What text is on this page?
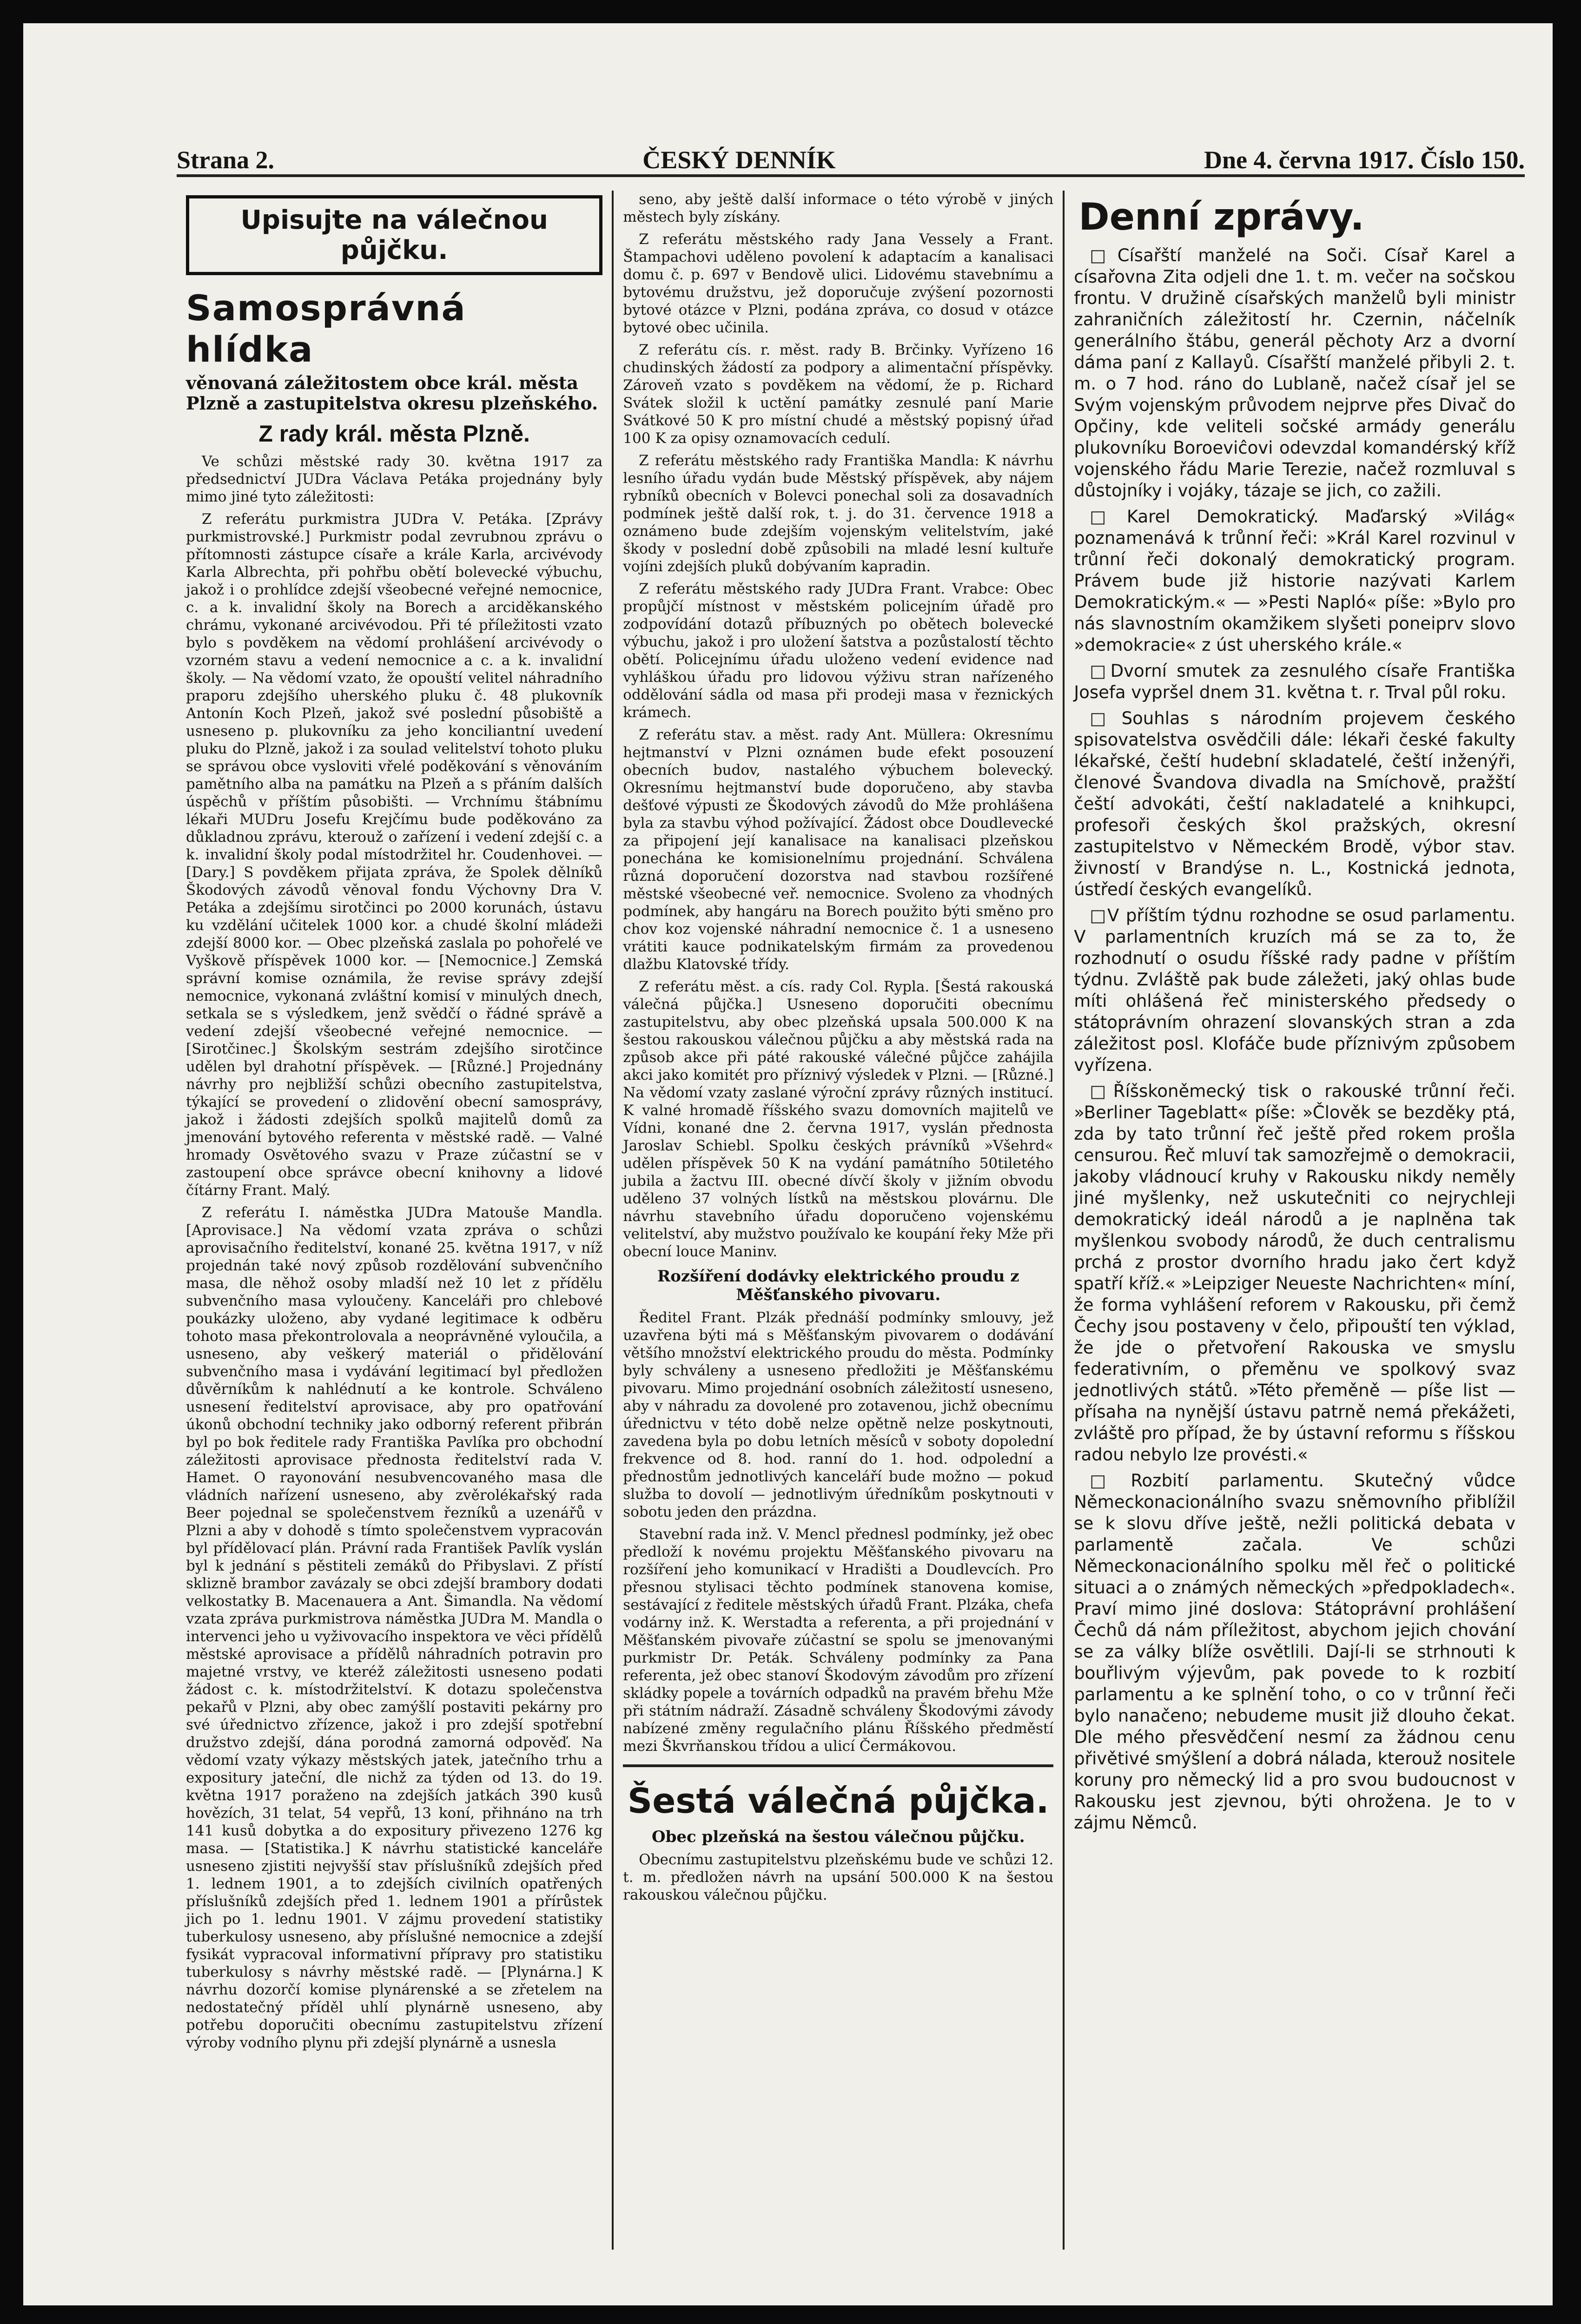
Strana 2.	ČESKÝ DENNÍK	Dne 4. června 1917. Číslo 150.
Upisujte na válečnou půjčku.
Samosprávná hlídka
věnovaná záležitostem obce král. města Plzně a zastupitelstva okresu plzeňského.
Z rady král. města Plzně.

Ve schůzi městské rady 30. května 1917 za předsednictví JUDra Václava Petáka projednány byly mimo jiné tyto záležitosti:

Z referátu purkmistra JUDra V. Petáka. [Zprávy purkmistrovské.] Purkmistr podal zevrubnou zprávu o přítomnosti zástupce císaře a krále Karla, arcivévody Karla Albrechta, při pohřbu obětí bolevecké výbuchu, jakož i o prohlídce zdejší všeobecné veřejné nemocnice, c. a k. invalidní školy na Borech a arciděkanského chrámu, vykonané arcivévodou. Při té příležitosti vzato bylo s povděkem na vědomí prohlášení arcivévody o vzorném stavu a vedení nemocnice a c. a k. invalidní školy. — Na vědomí vzato, že opouští velitel náhradního praporu zdejšího uherského pluku č. 48 plukovník Antonín Koch Plzeň, jakož své poslední působiště a usneseno p. plukovníku za jeho konciliantní uvedení pluku do Plzně, jakož i za soulad velitelství tohoto pluku se správou obce vysloviti vřelé poděkování s věnováním pamětního alba na památku na Plzeň a s přáním dalších úspěchů v příštím působišti. — Vrchnímu štábnímu lékaři MUDru Josefu Krejčímu bude poděkováno za důkladnou zprávu, kterouž o zařízení i vedení zdejší c. a k. invalidní školy podal místodržitel hr. Coudenhovei. — [Dary.] S povděkem přijata zpráva, že Spolek dělníků Škodových závodů věnoval fondu Výchovny Dra V. Petáka a zdejšímu sirotčinci po 2000 korunách, ústavu ku vzdělání učitelek 1000 kor. a chudé školní mládeži zdejší 8000 kor. — Obec plzeňská zaslala po pohořelé ve Vyškově příspěvek 1000 kor. — [Nemocnice.] Zemská správní komise oznámila, že revise správy zdejší nemocnice, vykonaná zvláštní komisí v minulých dnech, setkala se s výsledkem, jenž svědčí o řádné správě a vedení zdejší všeobecné veřejné nemocnice. — [Sirotčinec.] Školským sestrám zdejšího sirotčince udělen byl drahotní příspěvek. — [Různé.] Projednány návrhy pro nejbližší schůzi obecního zastupitelstva, týkající se provedení o zlidovění obecní samosprávy, jakož i žádosti zdejších spolků majitelů domů za jmenování bytového referenta v městské radě. — Valné hromady Osvětového svazu v Praze zúčastní se v zastoupení obce správce obecní knihovny a lidové čítárny Frant. Malý.

Z referátu I. náměstka JUDra Matouše Mandla. [Aprovisace.] Na vědomí vzata zpráva o schůzi aprovisačního ředitelství, konané 25. května 1917, v níž projednán také nový způsob rozdělování subvenčního masa, dle něhož osoby mladší než 10 let z přídělu subvenčního masa vyloučeny. Kanceláři pro chlebové poukázky uloženo, aby vydané legitimace k odběru tohoto masa překontrolovala a neoprávněné vyloučila, a usneseno, aby veškerý materiál o přidělování subvenčního masa i vydávání legitimací byl předložen důvěrníkům k nahlédnutí a ke kontrole. Schváleno usnesení ředitelství aprovisace, aby pro opatřování úkonů obchodní techniky jako odborný referent přibrán byl po bok ředitele rady Františka Pavlíka pro obchodní záležitosti aprovisace přednosta ředitelství rada V. Hamet. O rayonování nesubvencovaného masa dle vládních nařízení usneseno, aby zvěrolékařský rada Beer pojednal se společenstvem řezníků a uzenářů v Plzni a aby v dohodě s tímto společenstvem vypracován byl přídělovací plán. Právní rada František Pavlík vyslán byl k jednání s pěstiteli zemáků do Přibyslavi. Z přístí sklizně brambor zavázaly se obci zdejší brambory dodati velkostatky B. Macenauera a Ant. Šimandla. Na vědomí vzata zpráva purkmistrova náměstka JUDra M. Mandla o intervenci jeho u vyživovacího inspektora ve věci přídělů městské aprovisace a přídělů náhradních potravin pro majetné vrstvy, ve kteréž záležitosti usneseno podati žádost c. k. místodržitelství. K dotazu společenstva pekařů v Plzni, aby obec zamýšlí postaviti pekárny pro své úřednictvo zřízence, jakož i pro zdejší spotřební družstvo zdejší, dána porodná zamorná odpověď. Na vědomí vzaty výkazy městských jatek, jatečního trhu a expositury jateční, dle nichž za týden od 13. do 19. května 1917 poraženo na zdejších jatkách 390 kusů hovězích, 31 telat, 54 vepřů, 13 koní, přihnáno na trh 141 kusů dobytka a do expositury přivezeno 1276 kg masa. — [Statistika.] K návrhu statistické kanceláře usneseno zjistiti nejvyšší stav příslušníků zdejších před 1. lednem 1901, a to zdejších civilních opatřených příslušníků zdejších před 1. lednem 1901 a přírůstek jich po 1. lednu 1901. V zájmu provedení statistiky tuberkulosy usneseno, aby příslušné nemocnice a zdejší fysikát vypracoval informativní přípravy pro statistiku tuberkulosy s návrhy městské radě. — [Plynárna.] K návrhu dozorčí komise plynárenské a se zřetelem na nedostatečný příděl uhlí plynárně usneseno, aby potřebu doporučiti obecnímu zastupitelstvu zřízení výroby vodního plynu při zdejší plynárně a usnesla

seno, aby ještě další informace o této výrobě v jiných městech byly získány.

Z referátu městského rady Jana Vessely a Frant. Štampachovi uděleno povolení k adaptacím a kanalisaci domu č. p. 697 v Bendově ulici. Lidovému stavebnímu a bytovému družstvu, jež doporučuje zvýšení pozornosti bytové otázce v Plzni, podána zpráva, co dosud v otázce bytové obec učinila.

Z referátu cís. r. měst. rady B. Brčinky. Vyřízeno 16 chudinských žádostí za podpory a alimentační příspěvky. Zároveň vzato s povděkem na vědomí, že p. Richard Svátek složil k uctění památky zesnulé paní Marie Svátkové 50 K pro místní chudé a městský popisný úřad 100 K za opisy oznamovacích cedulí.

Z referátu městského rady Františka Mandla: K návrhu lesního úřadu vydán bude Městský příspěvek, aby nájem rybníků obecních v Bolevci ponechal soli za dosavadních podmínek ještě další rok, t. j. do 31. července 1918 a oznámeno bude zdejším vojenským velitelstvím, jaké škody v poslední době způsobili na mladé lesní kultuře vojíni zdejších pluků dobývaním kapradin.

Z referátu městského rady JUDra Frant. Vrabce: Obec propůjčí místnost v městském policejním úřadě pro zodpovídání dotazů příbuzných po obětech bolevecké výbuchu, jakož i pro uložení šatstva a pozůstalostí těchto obětí. Policejnímu úřadu uloženo vedení evidence nad vyhláškou úřadu pro lidovou výživu stran nařízeného oddělování sádla od masa při prodeji masa v řeznických krámech.

Z referátu stav. a měst. rady Ant. Müllera: Okresnímu hejtmanství v Plzni oznámen bude efekt posouzení obecních budov, nastalého výbuchem bolevecký. Okresnímu hejtmanství bude doporučeno, aby stavba dešťové výpusti ze Škodových závodů do Mže prohlášena byla za stavbu výhod požívající. Žádost obce Doudlevecké za připojení její kanalisace na kanalisaci plzeňskou ponechána ke komisionelnímu projednání. Schválena různá doporučení dozorstva nad stavbou rozšířené městské všeobecné veř. nemocnice. Svoleno za vhodných podmínek, aby hangáru na Borech použito býti směno pro chov koz vojenské náhradní nemocnice č. 1 a usneseno vrátiti kauce podnikatelským firmám za provedenou dlažbu Klatovské třídy.

Z referátu měst. a cís. rady Col. Rypla. [Šestá rakouská válečná půjčka.] Usneseno doporučiti obecnímu zastupitelstvu, aby obec plzeňská upsala 500.000 K na šestou rakouskou válečnou půjčku a aby městská rada na způsob akce při páté rakouské válečné půjčce zahájila akci jako komitét pro příznivý výsledek v Plzni. — [Různé.] Na vědomí vzaty zaslané výroční zprávy různých institucí. K valné hromadě říšského svazu domovních majitelů ve Vídni, konané dne 2. června 1917, vyslán přednosta Jaroslav Schiebl. Spolku českých právníků »Všehrd« udělen příspěvek 50 K na vydání památního 50tiletého jubila a žactvu III. obecné dívčí školy v jižním obvodu uděleno 37 volných lístků na městskou plovárnu. Dle návrhu stavebního úřadu doporučeno vojenskému velitelství, aby mužstvo používalo ke koupání řeky Mže při obecní louce Maninv.

Rozšíření dodávky elektrického proudu z Měšťanského pivovaru.

Ředitel Frant. Plzák přednáší podmínky smlouvy, jež uzavřena býti má s Měšťanským pivovarem o dodávání většího množství elektrického proudu do města. Podmínky byly schváleny a usneseno předložiti je Měšťanskému pivovaru. Mimo projednání osobních záležitostí usneseno, aby v náhradu za dovolené pro zotavenou, jichž obecnímu úřednictvu v této době nelze opětně nelze poskytnouti, zavedena byla po dobu letních měsíců v soboty dopolední frekvence od 8. hod. ranní do 1. hod. odpolední a přednostům jednotlivých kanceláří bude možno — pokud služba to dovolí — jednotlivým úředníkům poskytnouti v sobotu jeden den prázdna.

Stavební rada inž. V. Mencl přednesl podmínky, jež obec předloží k novému projektu Měšťanského pivovaru na rozšíření jeho komunikací v Hradišti a Doudlevcích. Pro přesnou stylisaci těchto podmínek stanovena komise, sestávající z ředitele městských úřadů Frant. Plzáka, chefa vodárny inž. K. Werstadta a referenta, a při projednání v Měšťanském pivovaře zúčastní se spolu se jmenovanými purkmistr Dr. Peták. Schváleny podmínky za Pana referenta, jež obec stanoví Škodovým závodům pro zřízení skládky popele a továrních odpadků na pravém břehu Mže při státním nádraží. Zásadně schváleny Škodovými závody nabízené změny regulačního plánu Říšského předměstí mezi Škvrňanskou třídou a ulicí Čermákovou.

Šestá válečná půjčka.
Obec plzeňská na šestou válečnou půjčku.

Obecnímu zastupitelstvu plzeňskému bude ve schůzi 12. t. m. předložen návrh na upsání 500.000 K na šestou rakouskou válečnou půjčku.

Denní zprávy.

□ Císařští manželé na Soči. Císař Karel a císařovna Zita odjeli dne 1. t. m. večer na sočskou frontu. V družině císařských manželů byli ministr zahraničních záležitostí hr. Czernin, náčelník generálního štábu, generál pěchoty Arz a dvorní dáma paní z Kallayů. Císařští manželé přibyli 2. t. m. o 7 hod. ráno do Lublaně, načež císař jel se Svým vojenským průvodem nejprve přes Divač do Opčiny, kde veliteli sočské armády generálu plukovníku Boroeviĉovi odevzdal komandérský kříž vojenského řádu Marie Terezie, načež rozmluval s důstojníky i vojáky, tázaje se jich, co zažili.

□ Karel Demokratický. Maďarský »Világ« poznamenává k trůnní řeči: »Král Karel rozvinul v trůnní řeči dokonalý demokratický program. Právem bude již historie nazývati Karlem Demokratickým.« — »Pesti Napló« píše: »Bylo pro nás slavnostním okamžikem slyšeti poneiprv slovo »demokracie« z úst uherského krále.«

□ Dvorní smutek za zesnulého císaře Františka Josefa vypršel dnem 31. května t. r. Trval půl roku.

□ Souhlas s národním projevem českého spisovatelstva osvědčili dále: lékaři české fakulty lékařské, čeští hudební skladatelé, čeští inženýři, členové Švandova divadla na Smíchově, pražští čeští advokáti, čeští nakladatelé a knihkupci, profesoři českých škol pražských, okresní zastupitelstvo v Německém Brodě, výbor stav. živností v Brandýse n. L., Kostnická jednota, ústředí českých evangelíků.

□ V příštím týdnu rozhodne se osud parlamentu. V parlamentních kruzích má se za to, že rozhodnutí o osudu říšské rady padne v příštím týdnu. Zvláště pak bude záležeti, jaký ohlas bude míti ohlášená řeč ministerského předsedy o státoprávním ohrazení slovanských stran a zda záležitost posl. Klofáče bude příznivým způsobem vyřízena.

□ Říšskoněmecký tisk o rakouské trůnní řeči. »Berliner Tageblatt« píše: »Člověk se bezděky ptá, zda by tato trůnní řeč ještě před rokem prošla censurou. Řeč mluví tak samozřejmě o demokracii, jakoby vládnoucí kruhy v Rakousku nikdy neměly jiné myšlenky, než uskutečniti co nejrychleji demokratický ideál národů a je naplněna tak myšlenkou svobody národů, že duch centralismu prchá z prostor dvorního hradu jako čert když spatří kříž.« »Leipziger Neueste Nachrichten« míní, že forma vyhlášení reforem v Rakousku, při čemž Čechy jsou postaveny v čelo, připouští ten výklad, že jde o přetvoření Rakouska ve smyslu federativním, o přeměnu ve spolkový svaz jednotlivých států. »Této přeměně — píše list — přísaha na nynější ústavu patrně nemá překážeti, zvláště pro případ, že by ústavní reformu s říšskou radou nebylo lze provésti.«

□ Rozbití parlamentu. Skutečný vůdce Německonacionálního svazu sněmovního přiblížil se k slovu dříve ještě, nežli politická debata v parlamentě začala. Ve schůzi Německonacionálního spolku měl řeč o politické situaci a o známých německých »předpokladech«. Praví mimo jiné doslova: Státoprávní prohlášení Čechů dá nám příležitost, abychom jejich chování se za války blíže osvětlili. Dají-li se strhnouti k bouřlivým výjevům, pak povede to k rozbití parlamentu a ke splnění toho, o co v trůnní řeči bylo nanačeno; nebudeme musit již dlouho čekat. Dle mého přesvědčení nesmí za žádnou cenu přivětivé smýšlení a dobrá nálada, kterouž nositele koruny pro německý lid a pro svou budoucnost v Rakousku jest zjevnou, býti ohrožena. Je to v zájmu Němců.
